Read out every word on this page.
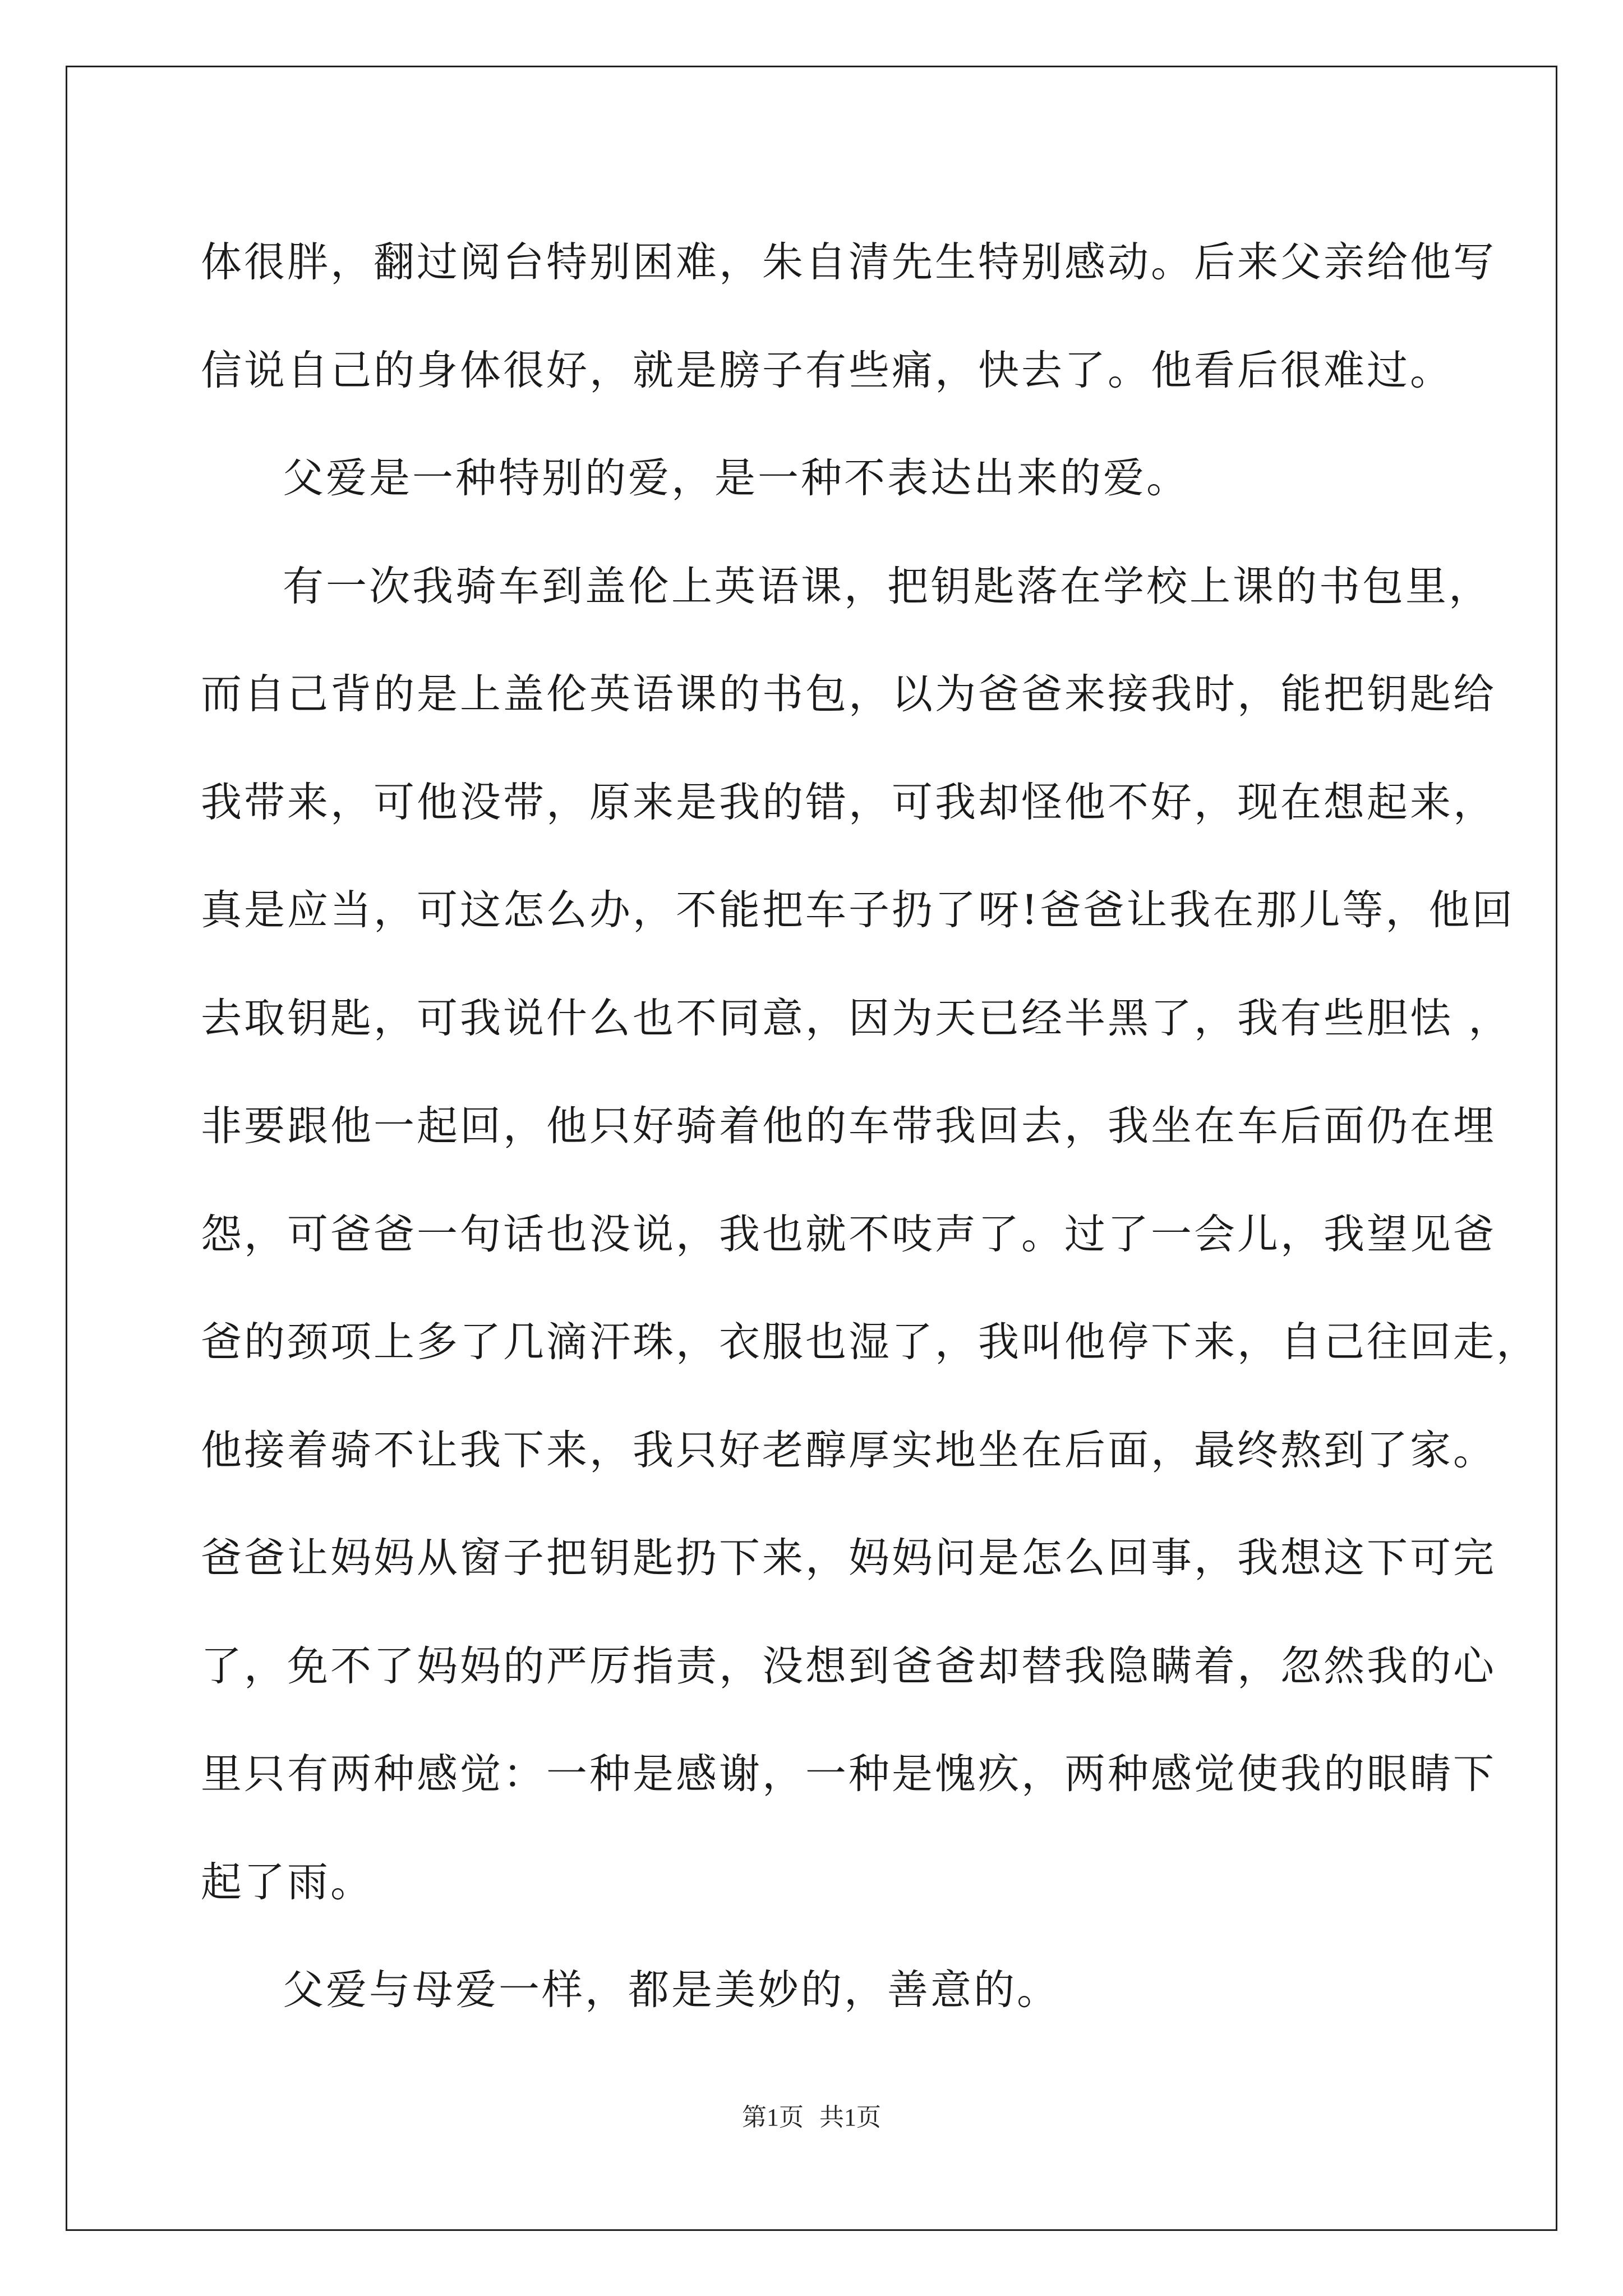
体很胖，翻过阅台特别困难，朱自清先生特别感动。后来父亲给他写
信说自己的身体很好，就是膀子有些痛，快去了。他看后很难过。
父爱是一种特别的爱，是一种不表达出来的爱。
有一次我骑车到盖伦上英语课，把钥匙落在学校上课的书包里，
而自己背的是上盖伦英语课的书包，以为爸爸来接我时，能把钥匙给
我带来，可他没带，原来是我的错，可我却怪他不好，现在想起来，
真是应当，可这怎么办，不能把车子扔了呀!爸爸让我在那儿等，他回
去取钥匙，可我说什么也不同意，因为天已经半黑了，我有些胆怯 ，
非要跟他一起回，他只好骑着他的车带我回去，我坐在车后面仍在埋
怨，可爸爸一句话也没说，我也就不吱声了。过了一会儿，我望见爸
爸的颈项上多了几滴汗珠，衣服也湿了，我叫他停下来，自己往回走，
他接着骑不让我下来，我只好老醇厚实地坐在后面，最终熬到了家。
爸爸让妈妈从窗子把钥匙扔下来，妈妈问是怎么回事，我想这下可完
了，免不了妈妈的严厉指责，没想到爸爸却替我隐瞒着，忽然我的心
里只有两种感觉：一种是感谢，一种是愧疚，两种感觉使我的眼睛下
起了雨。
父爱与母爱一样，都是美妙的，善意的。
第1页 共1页
